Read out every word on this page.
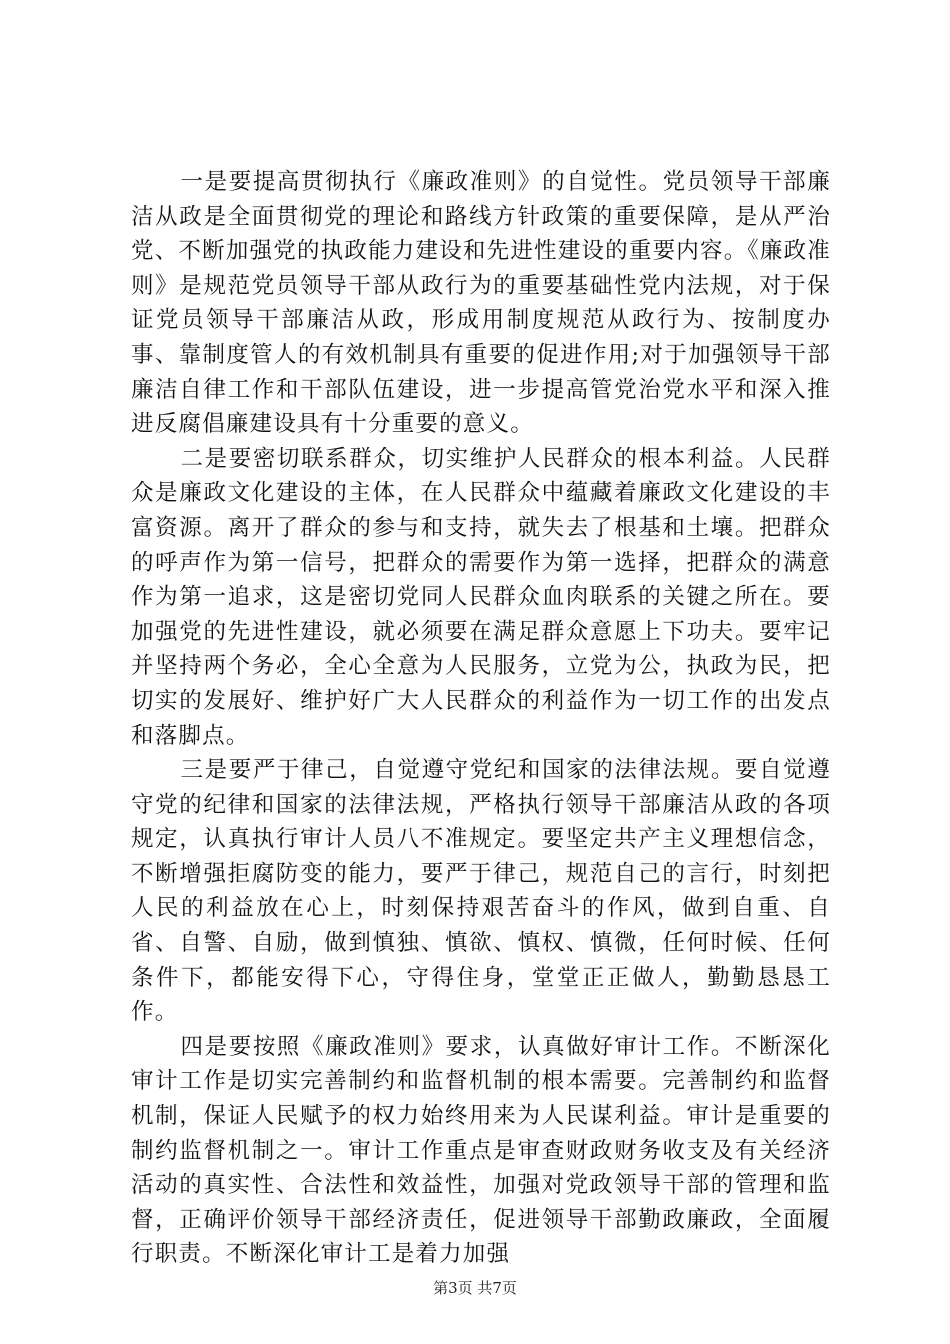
一是要提高贯彻执行《廉政准则》的自觉性。党员领导干部廉洁从政是全面贯彻党的理论和路线方针政策的重要保障，是从严治党、不断加强党的执政能力建设和先进性建设的重要内容。《廉政准则》是规范党员领导干部从政行为的重要基础性党内法规，对于保证党员领导干部廉洁从政，形成用制度规范从政行为、按制度办事、靠制度管人的有效机制具有重要的促进作用;对于加强领导干部廉洁自律工作和干部队伍建设，进一步提高管党治党水平和深入推进反腐倡廉建设具有十分重要的意义。

二是要密切联系群众，切实维护人民群众的根本利益。人民群众是廉政文化建设的主体，在人民群众中蕴藏着廉政文化建设的丰富资源。离开了群众的参与和支持，就失去了根基和土壤。把群众的呼声作为第一信号，把群众的需要作为第一选择，把群众的满意作为第一追求，这是密切党同人民群众血肉联系的关键之所在。要加强党的先进性建设，就必须要在满足群众意愿上下功夫。要牢记并坚持两个务必，全心全意为人民服务，立党为公，执政为民，把切实的发展好、维护好广大人民群众的利益作为一切工作的出发点和落脚点。

三是要严于律己，自觉遵守党纪和国家的法律法规。要自觉遵守党的纪律和国家的法律法规，严格执行领导干部廉洁从政的各项规定，认真执行审计人员八不准规定。要坚定共产主义理想信念，不断增强拒腐防变的能力，要严于律己，规范自己的言行，时刻把人民的利益放在心上，时刻保持艰苦奋斗的作风，做到自重、自省、自警、自励，做到慎独、慎欲、慎权、慎微，任何时候、任何条件下，都能安得下心，守得住身，堂堂正正做人，勤勤恳恳工作。

四是要按照《廉政准则》要求，认真做好审计工作。不断深化审计工作是切实完善制约和监督机制的根本需要。完善制约和监督机制，保证人民赋予的权力始终用来为人民谋利益。审计是重要的制约监督机制之一。审计工作重点是审查财政财务收支及有关经济活动的真实性、合法性和效益性，加强对党政领导干部的管理和监督，正确评价领导干部经济责任，促进领导干部勤政廉政，全面履行职责。不断深化审计工是着力加强

第3页 共7页
